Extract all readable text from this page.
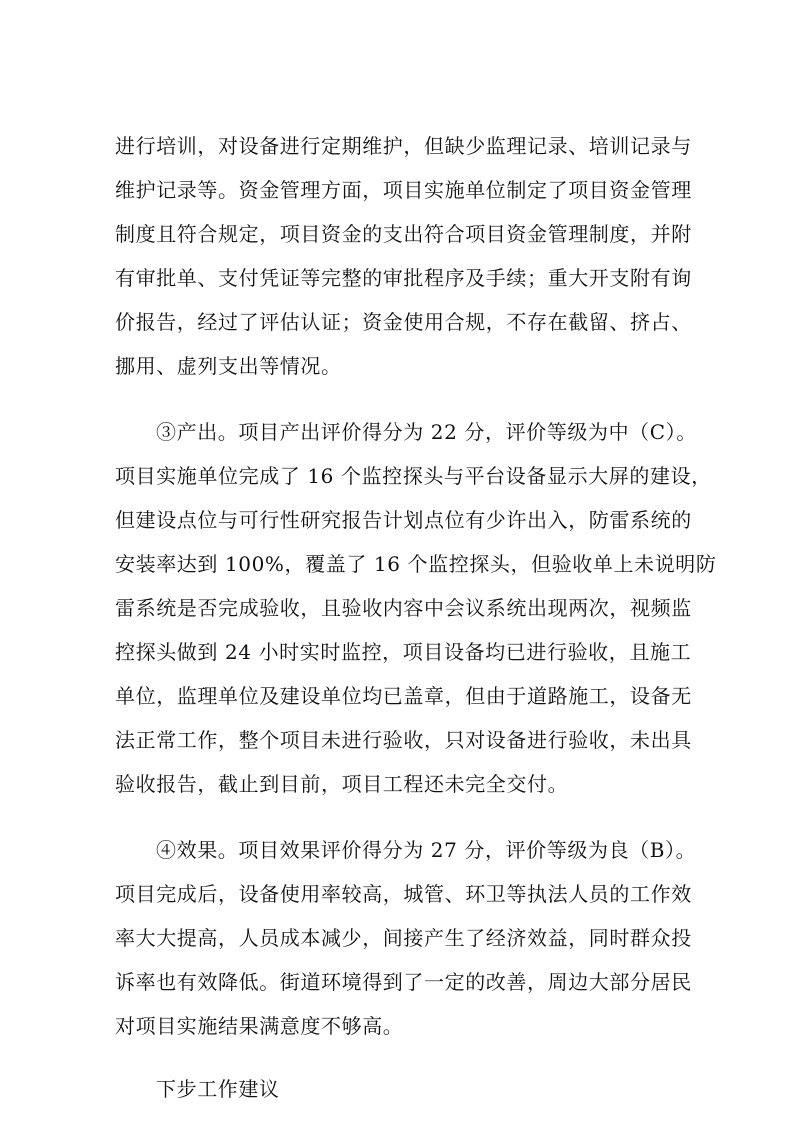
进行培训，对设备进行定期维护，但缺少监理记录、培训记录与
维护记录等。资金管理方面，项目实施单位制定了项目资金管理
制度且符合规定，项目资金的支出符合项目资金管理制度，并附
有审批单、支付凭证等完整的审批程序及手续；重大开支附有询
价报告，经过了评估认证；资金使用合规，不存在截留、挤占、
挪用、虚列支出等情况。
③产出。项目产出评价得分为 22 分，评价等级为中（C）。
项目实施单位完成了 16 个监控探头与平台设备显示大屏的建设，
但建设点位与可行性研究报告计划点位有少许出入，防雷系统的
安装率达到 100%，覆盖了 16 个监控探头，但验收单上未说明防
雷系统是否完成验收，且验收内容中会议系统出现两次，视频监
控探头做到 24 小时实时监控，项目设备均已进行验收，且施工
单位，监理单位及建设单位均已盖章，但由于道路施工，设备无
法正常工作，整个项目未进行验收，只对设备进行验收，未出具
验收报告，截止到目前，项目工程还未完全交付。
④效果。项目效果评价得分为 27 分，评价等级为良（B）。
项目完成后，设备使用率较高，城管、环卫等执法人员的工作效
率大大提高，人员成本减少，间接产生了经济效益，同时群众投
诉率也有效降低。街道环境得到了一定的改善，周边大部分居民
对项目实施结果满意度不够高。
下步工作建议
